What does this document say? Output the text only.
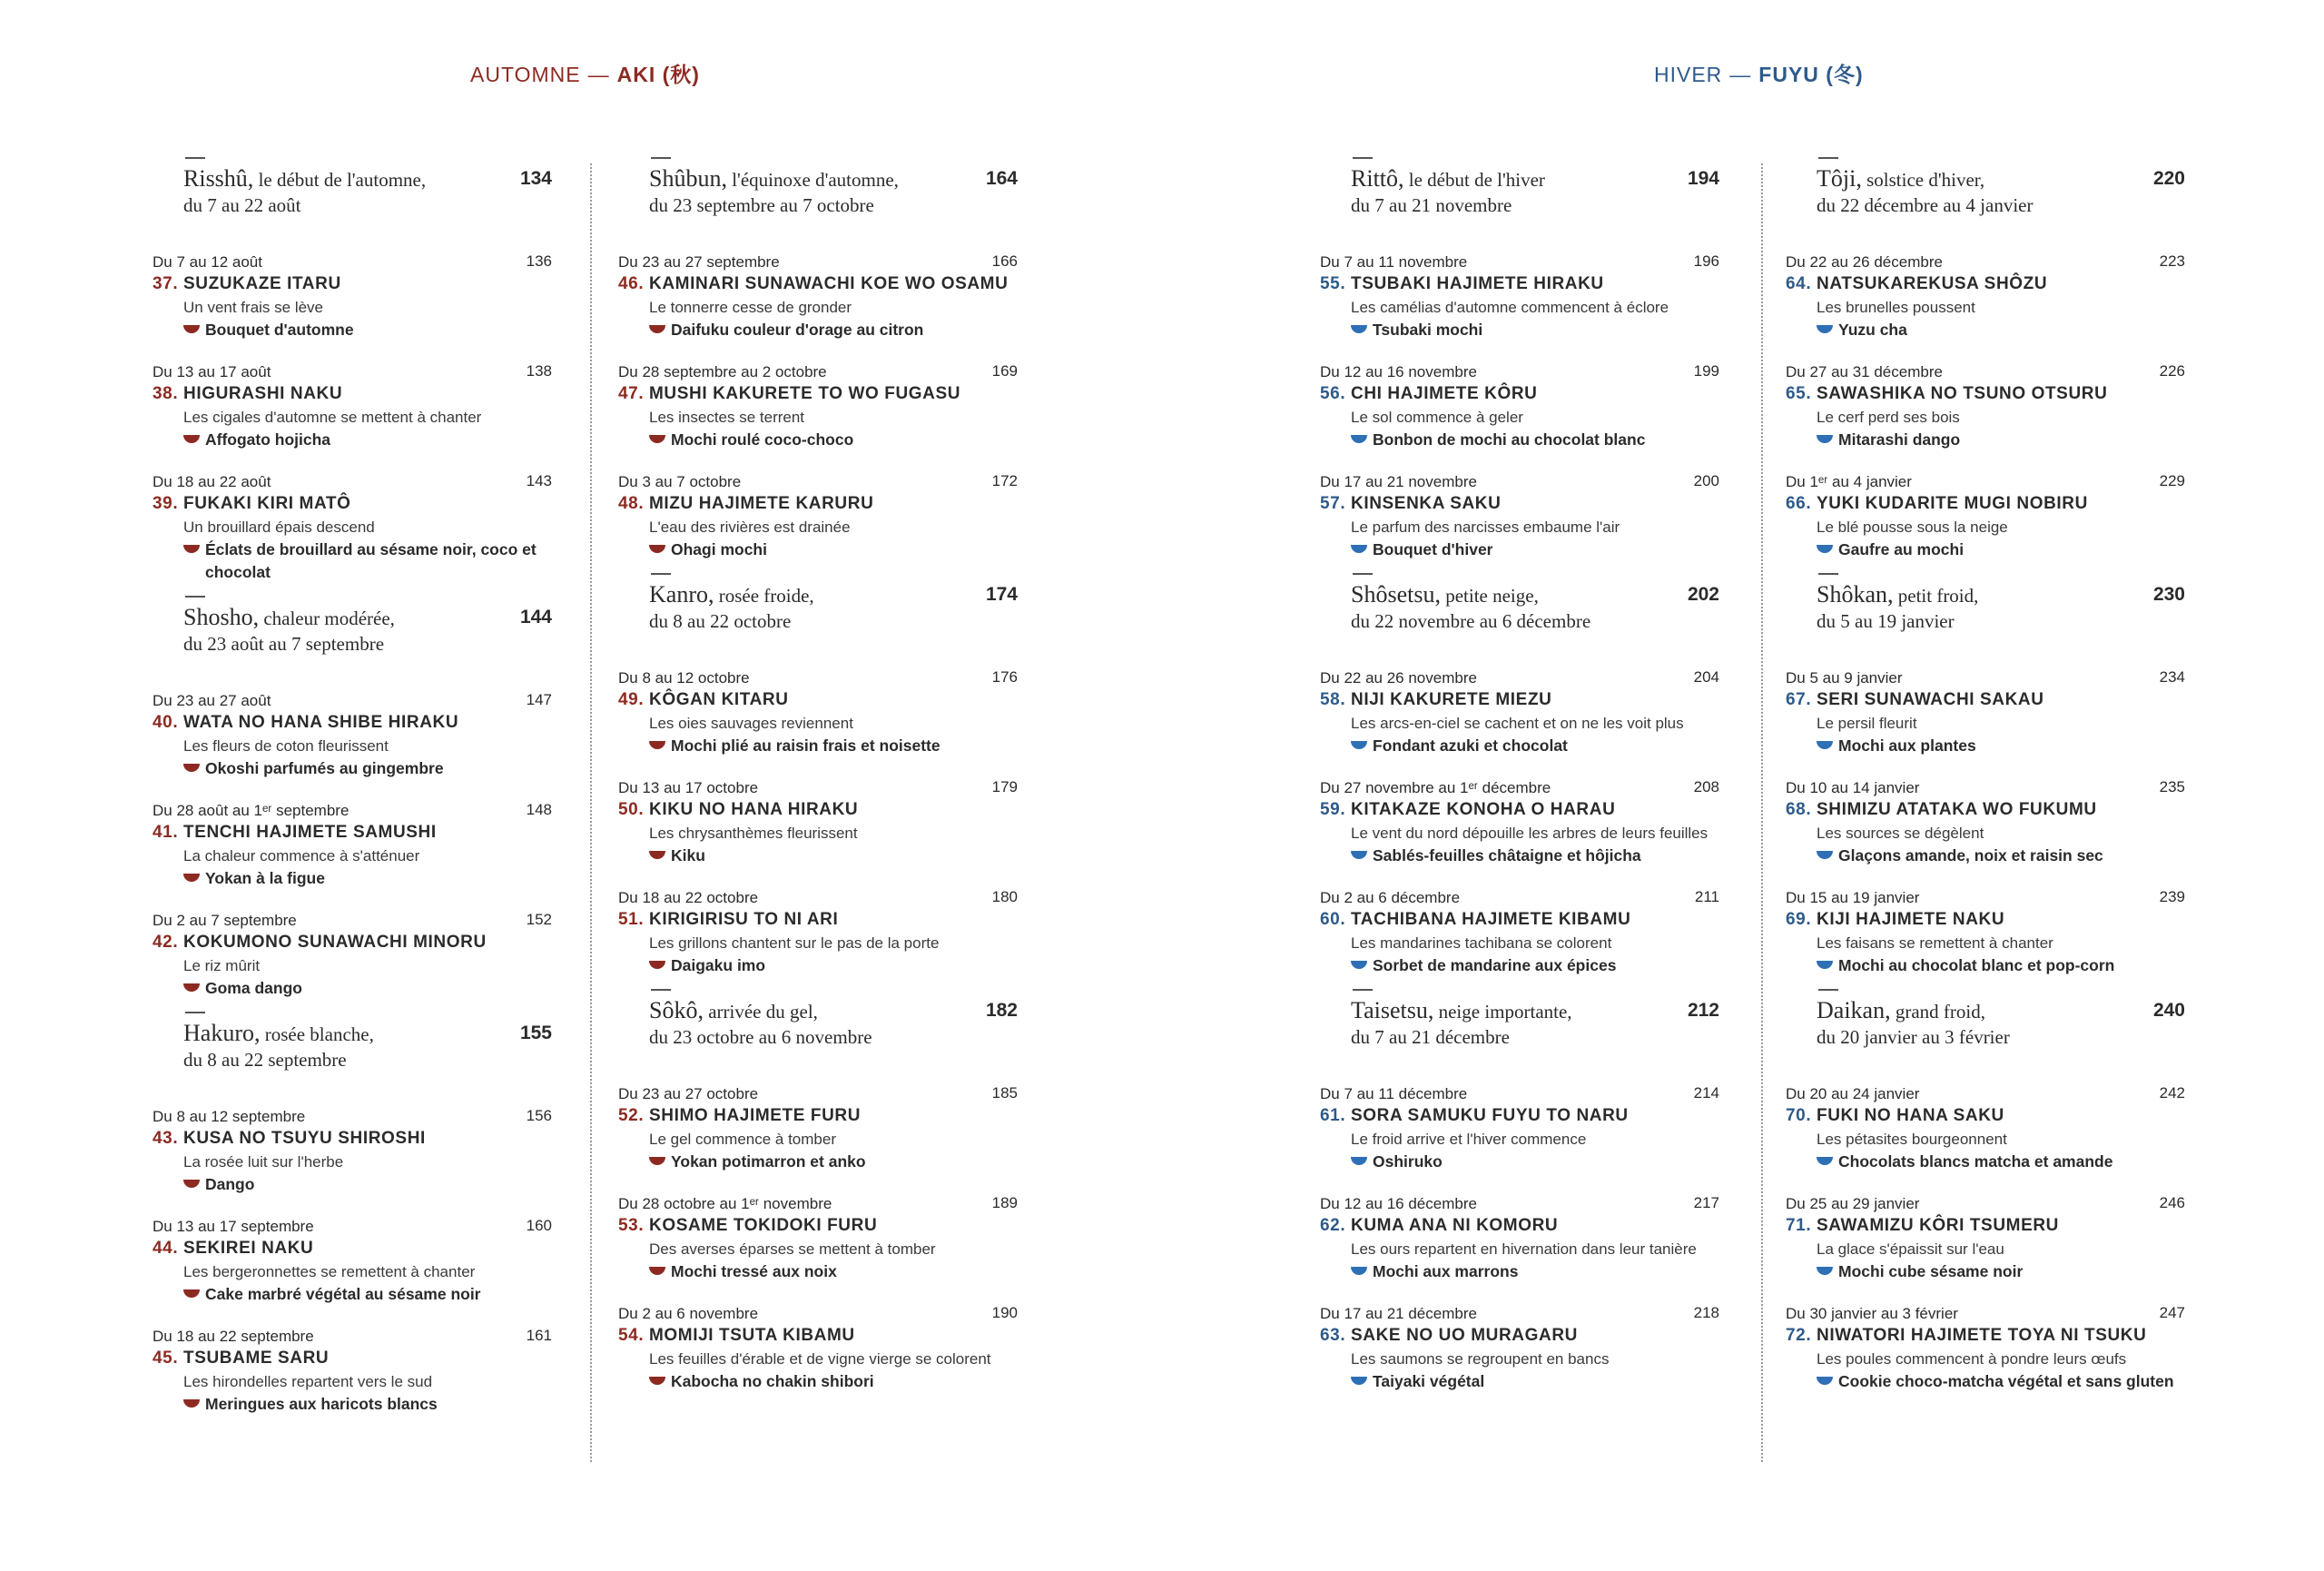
AUTOMNE — AKI (秋)	HIVER — FUYU (冬)
Risshû, le début de l'automne,
du 7 au 22 août
134
Du 7 au 12 août	136
37. SUZUKAZE ITARU
Un vent frais se lève
Bouquet d'automne
Du 13 au 17 août	138
38. HIGURASHI NAKU
Les cigales d'automne se mettent à chanter
Affogato hojicha
Du 18 au 22 août	143
39. FUKAKI KIRI MATÔ
Un brouillard épais descend
Éclats de brouillard au sésame noir, coco et chocolat
Shosho, chaleur modérée,
du 23 août au 7 septembre
144
Du 23 au 27 août	147
40. WATA NO HANA SHIBE HIRAKU
Les fleurs de coton fleurissent
Okoshi parfumés au gingembre
Du 28 août au 1ᵉʳ septembre	148
41. TENCHI HAJIMETE SAMUSHI
La chaleur commence à s'atténuer
Yokan à la figue
Du 2 au 7 septembre	152
42. KOKUMONO SUNAWACHI MINORU
Le riz mûrit
Goma dango
Hakuro, rosée blanche,
du 8 au 22 septembre
155
Du 8 au 12 septembre	156
43. KUSA NO TSUYU SHIROSHI
La rosée luit sur l'herbe
Dango
Du 13 au 17 septembre	160
44. SEKIREI NAKU
Les bergeronnettes se remettent à chanter
Cake marbré végétal au sésame noir
Du 18 au 22 septembre	161
45. TSUBAME SARU
Les hirondelles repartent vers le sud
Meringues aux haricots blancs
Shûbun, l'équinoxe d'automne,
du 23 septembre au 7 octobre
164
Du 23 au 27 septembre	166
46. KAMINARI SUNAWACHI KOE WO OSAMU
Le tonnerre cesse de gronder
Daifuku couleur d'orage au citron
Du 28 septembre au 2 octobre	169
47. MUSHI KAKURETE TO WO FUGASU
Les insectes se terrent
Mochi roulé coco-choco
Du 3 au 7 octobre	172
48. MIZU HAJIMETE KARURU
L'eau des rivières est drainée
Ohagi mochi
Kanro, rosée froide,
du 8 au 22 octobre
174
Du 8 au 12 octobre	176
49. KÔGAN KITARU
Les oies sauvages reviennent
Mochi plié au raisin frais et noisette
Du 13 au 17 octobre	179
50. KIKU NO HANA HIRAKU
Les chrysanthèmes fleurissent
Kiku
Du 18 au 22 octobre	180
51. KIRIGIRISU TO NI ARI
Les grillons chantent sur le pas de la porte
Daigaku imo
Sôkô, arrivée du gel,
du 23 octobre au 6 novembre
182
Du 23 au 27 octobre	185
52. SHIMO HAJIMETE FURU
Le gel commence à tomber
Yokan potimarron et anko
Du 28 octobre au 1ᵉʳ novembre	189
53. KOSAME TOKIDOKI FURU
Des averses éparses se mettent à tomber
Mochi tressé aux noix
Du 2 au 6 novembre	190
54. MOMIJI TSUTA KIBAMU
Les feuilles d'érable et de vigne vierge se colorent
Kabocha no chakin shibori
Rittô, le début de l'hiver
du 7 au 21 novembre
194
Du 7 au 11 novembre	196
55. TSUBAKI HAJIMETE HIRAKU
Les camélias d'automne commencent à éclore
Tsubaki mochi
Du 12 au 16 novembre	199
56. CHI HAJIMETE KÔRU
Le sol commence à geler
Bonbon de mochi au chocolat blanc
Du 17 au 21 novembre	200
57. KINSENKA SAKU
Le parfum des narcisses embaume l'air
Bouquet d'hiver
Shôsetsu, petite neige,
du 22 novembre au 6 décembre
202
Du 22 au 26 novembre	204
58. NIJI KAKURETE MIEZU
Les arcs-en-ciel se cachent et on ne les voit plus
Fondant azuki et chocolat
Du 27 novembre au 1ᵉʳ décembre	208
59. KITAKAZE KONOHA O HARAU
Le vent du nord dépouille les arbres de leurs feuilles
Sablés-feuilles châtaigne et hôjicha
Du 2 au 6 décembre	211
60. TACHIBANA HAJIMETE KIBAMU
Les mandarines tachibana se colorent
Sorbet de mandarine aux épices
Taisetsu, neige importante,
du 7 au 21 décembre
212
Du 7 au 11 décembre	214
61. SORA SAMUKU FUYU TO NARU
Le froid arrive et l'hiver commence
Oshiruko
Du 12 au 16 décembre	217
62. KUMA ANA NI KOMORU
Les ours repartent en hivernation dans leur tanière
Mochi aux marrons
Du 17 au 21 décembre	218
63. SAKE NO UO MURAGARU
Les saumons se regroupent en bancs
Taiyaki végétal
Tôji, solstice d'hiver,
du 22 décembre au 4 janvier
220
Du 22 au 26 décembre	223
64. NATSUKAREKUSA SHÔZU
Les brunelles poussent
Yuzu cha
Du 27 au 31 décembre	226
65. SAWASHIKA NO TSUNO OTSURU
Le cerf perd ses bois
Mitarashi dango
Du 1ᵉʳ au 4 janvier	229
66. YUKI KUDARITE MUGI NOBIRU
Le blé pousse sous la neige
Gaufre au mochi
Shôkan, petit froid,
du 5 au 19 janvier
230
Du 5 au 9 janvier	234
67. SERI SUNAWACHI SAKAU
Le persil fleurit
Mochi aux plantes
Du 10 au 14 janvier	235
68. SHIMIZU ATATAKA WO FUKUMU
Les sources se dégèlent
Glaçons amande, noix et raisin sec
Du 15 au 19 janvier	239
69. KIJI HAJIMETE NAKU
Les faisans se remettent à chanter
Mochi au chocolat blanc et pop-corn
Daikan, grand froid,
du 20 janvier au 3 février
240
Du 20 au 24 janvier	242
70. FUKI NO HANA SAKU
Les pétasites bourgeonnent
Chocolats blancs matcha et amande
Du 25 au 29 janvier	246
71. SAWAMIZU KÔRI TSUMERU
La glace s'épaissit sur l'eau
Mochi cube sésame noir
Du 30 janvier au 3 février	247
72. NIWATORI HAJIMETE TOYA NI TSUKU
Les poules commencent à pondre leurs œufs
Cookie choco-matcha végétal et sans gluten
